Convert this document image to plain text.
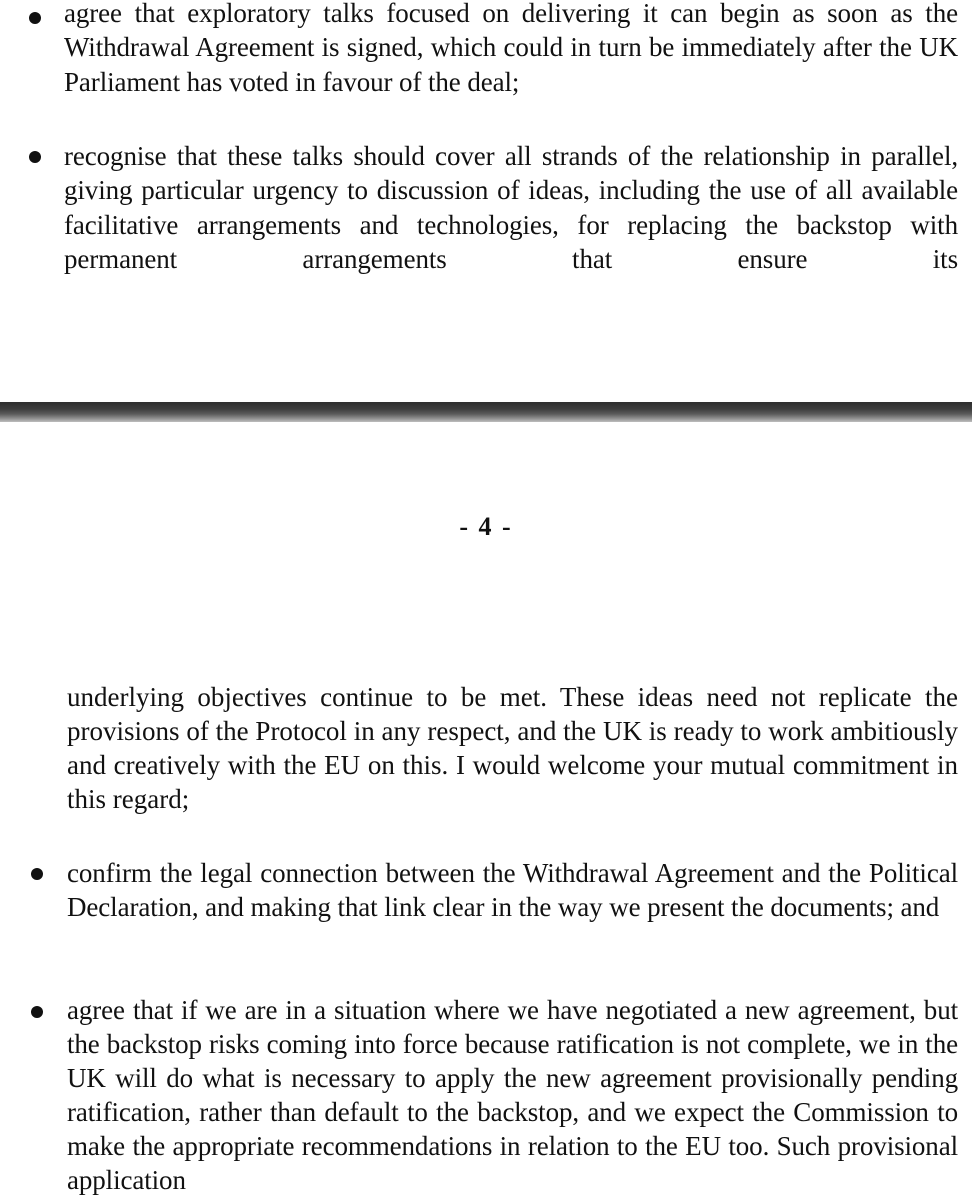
agree that exploratory talks focused on delivering it can begin as soon as the Withdrawal Agreement is signed, which could in turn be immediately after the UK Parliament has voted in favour of the deal;
recognise that these talks should cover all strands of the relationship in parallel, giving particular urgency to discussion of ideas, including the use of all available facilitative arrangements and technologies, for replacing the backstop with permanent arrangements that ensure its
- 4 -
underlying objectives continue to be met. These ideas need not replicate the provisions of the Protocol in any respect, and the UK is ready to work ambitiously and creatively with the EU on this. I would welcome your mutual commitment in this regard;
confirm the legal connection between the Withdrawal Agreement and the Political Declaration, and making that link clear in the way we present the documents; and
agree that if we are in a situation where we have negotiated a new agreement, but the backstop risks coming into force because ratification is not complete, we in the UK will do what is necessary to apply the new agreement provisionally pending ratification, rather than default to the backstop, and we expect the Commission to make the appropriate recommendations in relation to the EU too. Such provisional application
